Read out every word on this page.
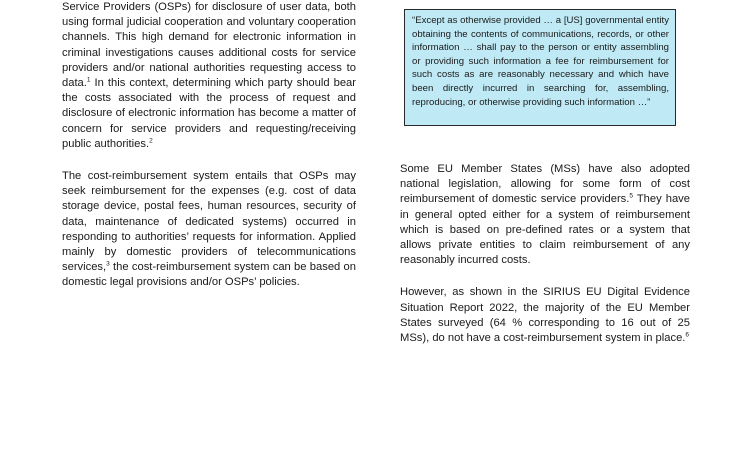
Service Providers (OSPs) for disclosure of user data, both using formal judicial cooperation and voluntary cooperation channels. This high demand for electronic information in criminal investigations causes additional costs for service providers and/or national authorities requesting access to data.$^1$ In this context, determining which party should bear the costs associated with the process of request and disclosure of electronic information has become a matter of concern for service providers and requesting/receiving public authorities.$^2$

The cost-reimbursement system entails that OSPs may seek reimbursement for the expenses (e.g. cost of data storage device, postal fees, human resources, security of data, maintenance of dedicated systems) occurred in responding to authorities’ requests for information. Applied mainly by domestic providers of telecommunications services,$^3$ the cost-reimbursement system can be based on domestic legal provisions and/or OSPs’ policies.

“Except as otherwise provided … a [US] governmental entity obtaining the contents of communications, records, or other information … shall pay to the person or entity assembling or providing such information a fee for reimbursement for such costs as are reasonably necessary and which have been directly incurred in searching for, assembling, reproducing, or otherwise providing such information …”

Some EU Member States (MSs) have also adopted national legislation, allowing for some form of cost reimbursement of domestic service providers.$^5$ They have in general opted either for a system of reimbursement which is based on pre-defined rates or a system that allows private entities to claim reimbursement of any reasonably incurred costs.

However, as shown in the SIRIUS EU Digital Evidence Situation Report 2022, the majority of the EU Member States surveyed (64 % corresponding to 16 out of 25 MSs), do not have a cost-reimbursement system in place.$^6$
